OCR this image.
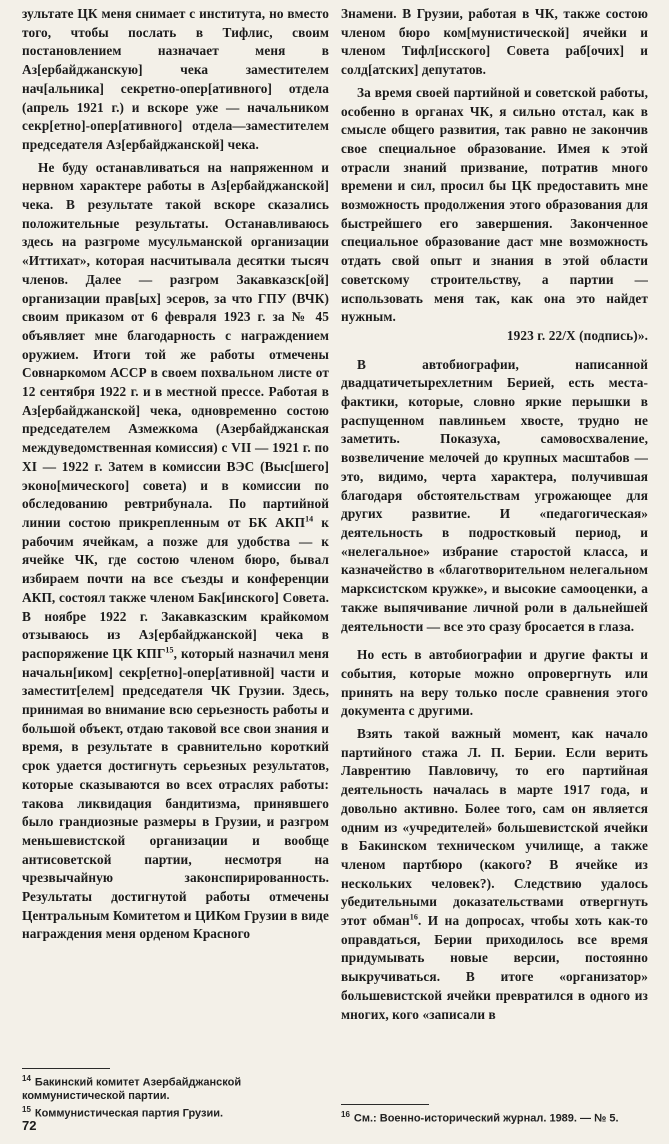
зультате ЦК меня снимает с института, но вместо того, чтобы послать в Тифлис, своим постановлением назначает меня в Аз[ербайджанскую] чека заместителем нач[альника] секретно-опер[ативного] отдела (апрель 1921 г.) и вскоре уже — начальником секр[етно]-опер[ативного] отдела—заместителем председателя Аз[ербайджанской] чека.

Не буду останавливаться на напряженном и нервном характере работы в Аз[ербайджанской] чека. В результате такой вскоре сказались положительные результаты. Останавливаюсь здесь на разгроме мусульманской организации «Иттихат», которая насчитывала десятки тысяч членов. Далее — разгром Закавказск[ой] организации прав[ых] эсеров, за что ГПУ (ВЧК) своим приказом от 6 февраля 1923 г. за № 45 объявляет мне благодарность с награждением оружием. Итоги той же работы отмечены Совнаркомом АССР в своем похвальном листе от 12 сентября 1922 г. и в местной прессе. Работая в Аз[ербайджанской] чека, одновременно состою председателем Азмежкома (Азербайджанская междуведомственная комиссия) с VII — 1921 г. по XI — 1922 г. Затем в комиссии ВЭС (Выс[шего] эконо[мического] совета) и в комиссии по обследованию ревтрибунала. По партийной линии состою прикрепленным от БК АКП$^{14}$ к рабочим ячейкам, а позже для удобства — к ячейке ЧК, где состою членом бюро, бывал избираем почти на все съезды и конференции АКП, состоял также членом Бак[инского] Совета. В ноябре 1922 г. Закавказским крайкомом отзываюсь из Аз[ербайджанской] чека в распоряжение ЦК КПГ$^{15}$, который назначил меня начальн[иком] секр[етно]-опер[ативной] части и заместит[елем] председателя ЧК Грузии. Здесь, принимая во внимание всю серьезность работы и большой объект, отдаю таковой все свои знания и время, в результате в сравнительно короткий срок удается достигнуть серьезных результатов, которые сказываются во всех отраслях работы: такова ликвидация бандитизма, принявшего было грандиозные размеры в Грузии, и разгром меньшевистской организации и вообще антисоветской партии, несмотря на чрезвычайную законспирированность. Результаты достигнутой работы отмечены Центральным Комитетом и ЦИКом Грузии в виде награждения меня орденом Красного

Знамени. В Грузии, работая в ЧК, также состою членом бюро ком[мунистической] ячейки и членом Тифл[исского] Совета раб[очих] и солд[атских] депутатов.

За время своей партийной и советской работы, особенно в органах ЧК, я сильно отстал, как в смысле общего развития, так равно не закончив свое специальное образование. Имея к этой отрасли знаний призвание, потратив много времени и сил, просил бы ЦК предоставить мне возможность продолжения этого образования для быстрейшего его завершения. Законченное специальное образование даст мне возможность отдать свой опыт и знания в этой области советскому строительству, а партии — использовать меня так, как она это найдет нужным.

1923 г. 22/X (подпись)».

В автобиографии, написанной двадцатичетырехлетним Берией, есть места-фактики, которые, словно яркие перышки в распущенном павлиньем хвосте, трудно не заметить. Показуха, самовосхваление, возвеличение мелочей до крупных масштабов — это, видимо, черта характера, получившая благодаря обстоятельствам угрожающее для других развитие. И «педагогическая» деятельность в подростковый период, и «нелегальное» избрание старостой класса, и казначейство в «благотворительном нелегальном марксистском кружке», и высокие самооценки, а также выпячивание личной роли в дальнейшей деятельности — все это сразу бросается в глаза.

Но есть в автобиографии и другие факты и события, которые можно опровергнуть или принять на веру только после сравнения этого документа с другими.

Взять такой важный момент, как начало партийного стажа Л. П. Берии. Если верить Лаврентию Павловичу, то его партийная деятельность началась в марте 1917 года, и довольно активно. Более того, сам он является одним из «учредителей» большевистской ячейки в Бакинском техническом училище, а также членом партбюро (какого? В ячейке из нескольких человек?). Следствию удалось убедительными доказательствами отвергнуть этот обман$^{16}$. И на допросах, чтобы хоть как-то оправдаться, Берии приходилось все время придумывать новые версии, постоянно выкручиваться. В итоге «организатор» большевистской ячейки превратился в одного из многих, кого «записали в

$^{14}$ Бакинский комитет Азербайджанской коммунистической партии.
$^{15}$ Коммунистическая партия Грузии.	$^{16}$ См.: Военно-исторический журнал. 1989. — № 5.
72
